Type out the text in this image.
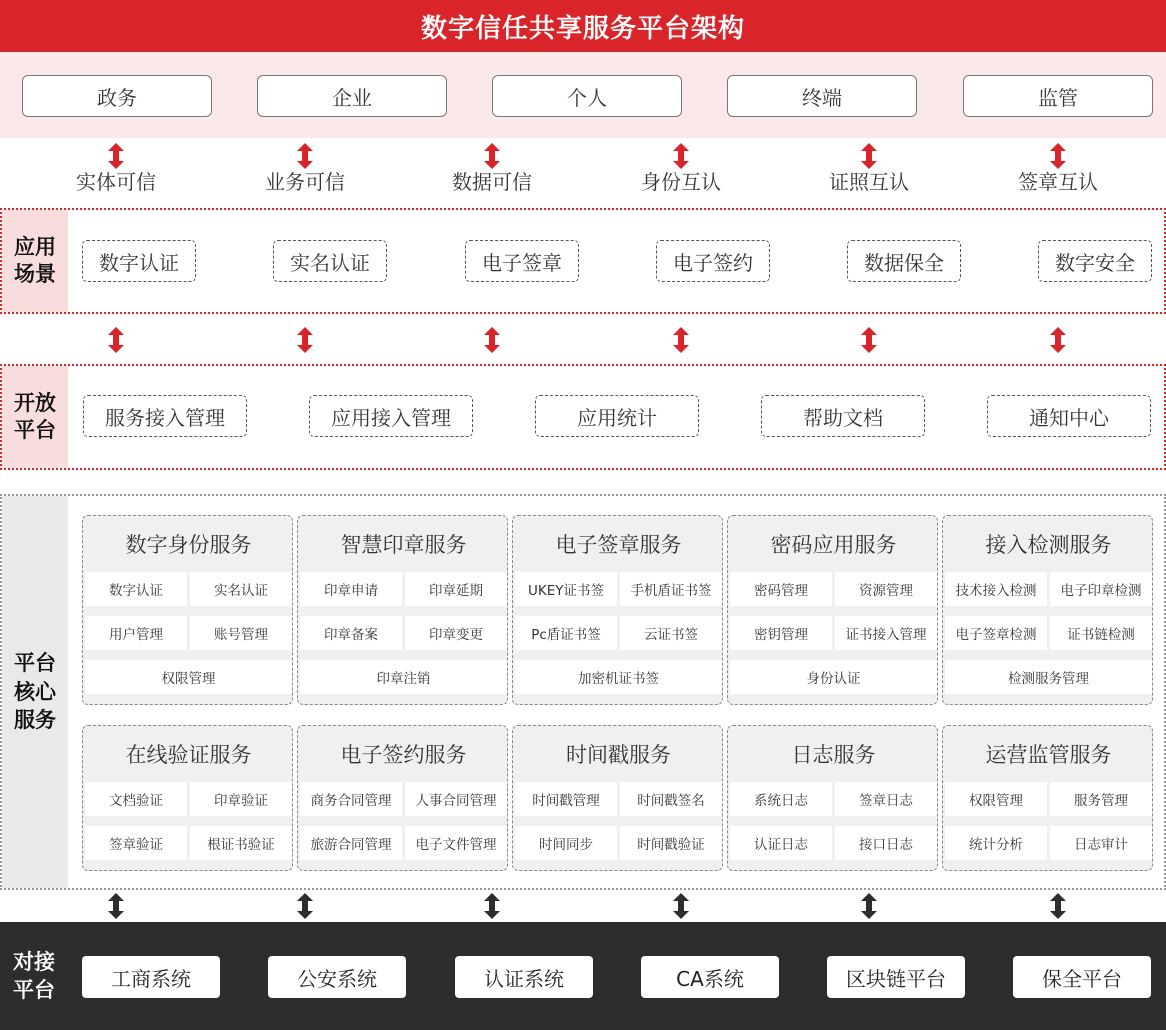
数字信任共享服务平台架构
政务	企业	个人	终端	监管
实体可信	业务可信	数据可信	身份互认	证照互认	签章互认
应用
场景	数字认证	实名认证	电子签章	电子签约	数据保全	数字安全
开放
平台
服务接入管理	应用接入管理	应用统计	帮助文档	通知中心
平台
核心
服务
数字身份服务
数字认证	实名认证
用户管理	账号管理
权限管理
智慧印章服务
印章申请	印章延期
印章备案	印章变更
印章注销
电子签章服务
UKEY证书签	手机盾证书签
Pc盾证书签	云证书签
加密机证书签
密码应用服务
密码管理	资源管理
密钥管理	证书接入管理
身份认证
接入检测服务
技术接入检测	电子印章检测
电子签章检测	证书链检测
检测服务管理
在线验证服务
文档验证	印章验证
签章验证	根证书验证
电子签约服务
商务合同管理	人事合同管理
旅游合同管理	电子文件管理
时间戳服务
时间戳管理	时间戳签名
时间同步	时间戳验证
日志服务
系统日志	签章日志
认证日志	接口日志
运营监管服务
权限管理	服务管理
统计分析	日志审计
对接
平台	工商系统	公安系统	认证系统	CA系统	区块链平台	保全平台
